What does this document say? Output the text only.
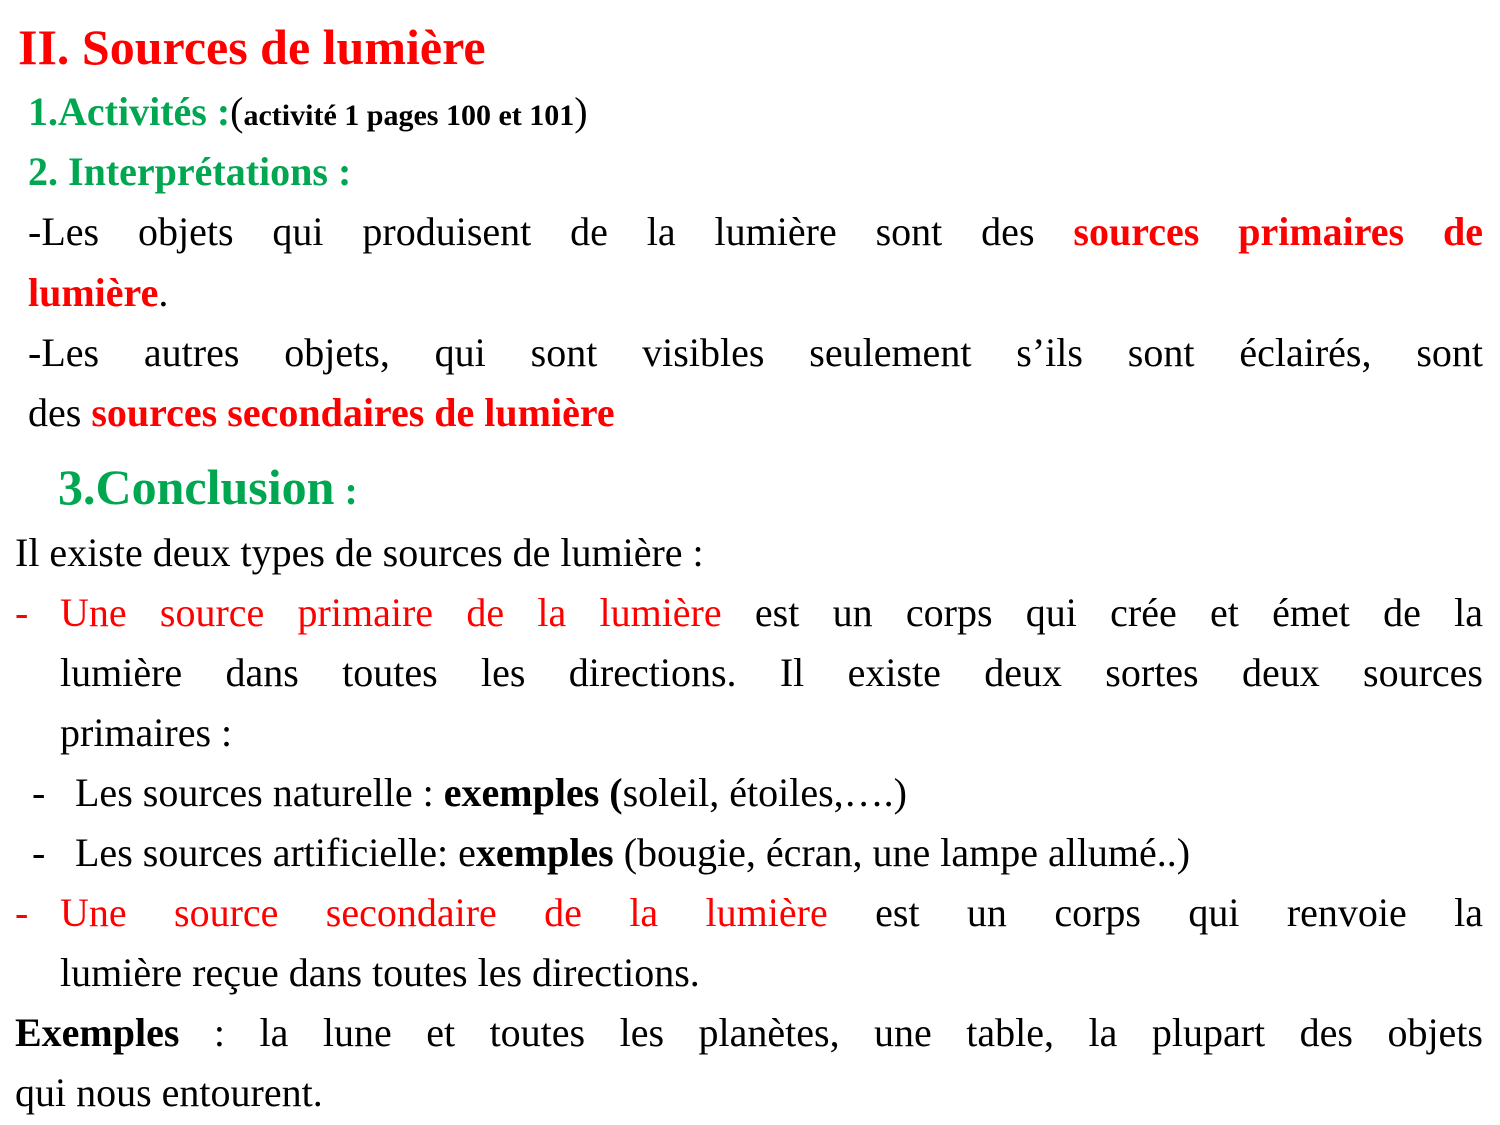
II. Sources de lumière
1.Activités :(activité 1 pages 100 et 101)
2. Interprétations :
-Les objets qui produisent de la lumière sont des sources primaires de
lumière.
-Les autres objets, qui sont visibles seulement s’ils sont éclairés, sont
des sources secondaires de lumière
3.Conclusion :
Il existe deux types de sources de lumière :
- Une source primaire de la lumière est un corps qui crée et émet de la
lumière dans toutes les directions. Il existe deux sortes deux sources
primaires :
- Les sources naturelle : exemples (soleil, étoiles,….)
- Les sources artificielle: exemples (bougie, écran, une lampe allumé..)
- Une source secondaire de la lumière est un corps qui renvoie la
lumière reçue dans toutes les directions.
Exemples : la lune et toutes les planètes, une table, la plupart des objets
qui nous entourent.
